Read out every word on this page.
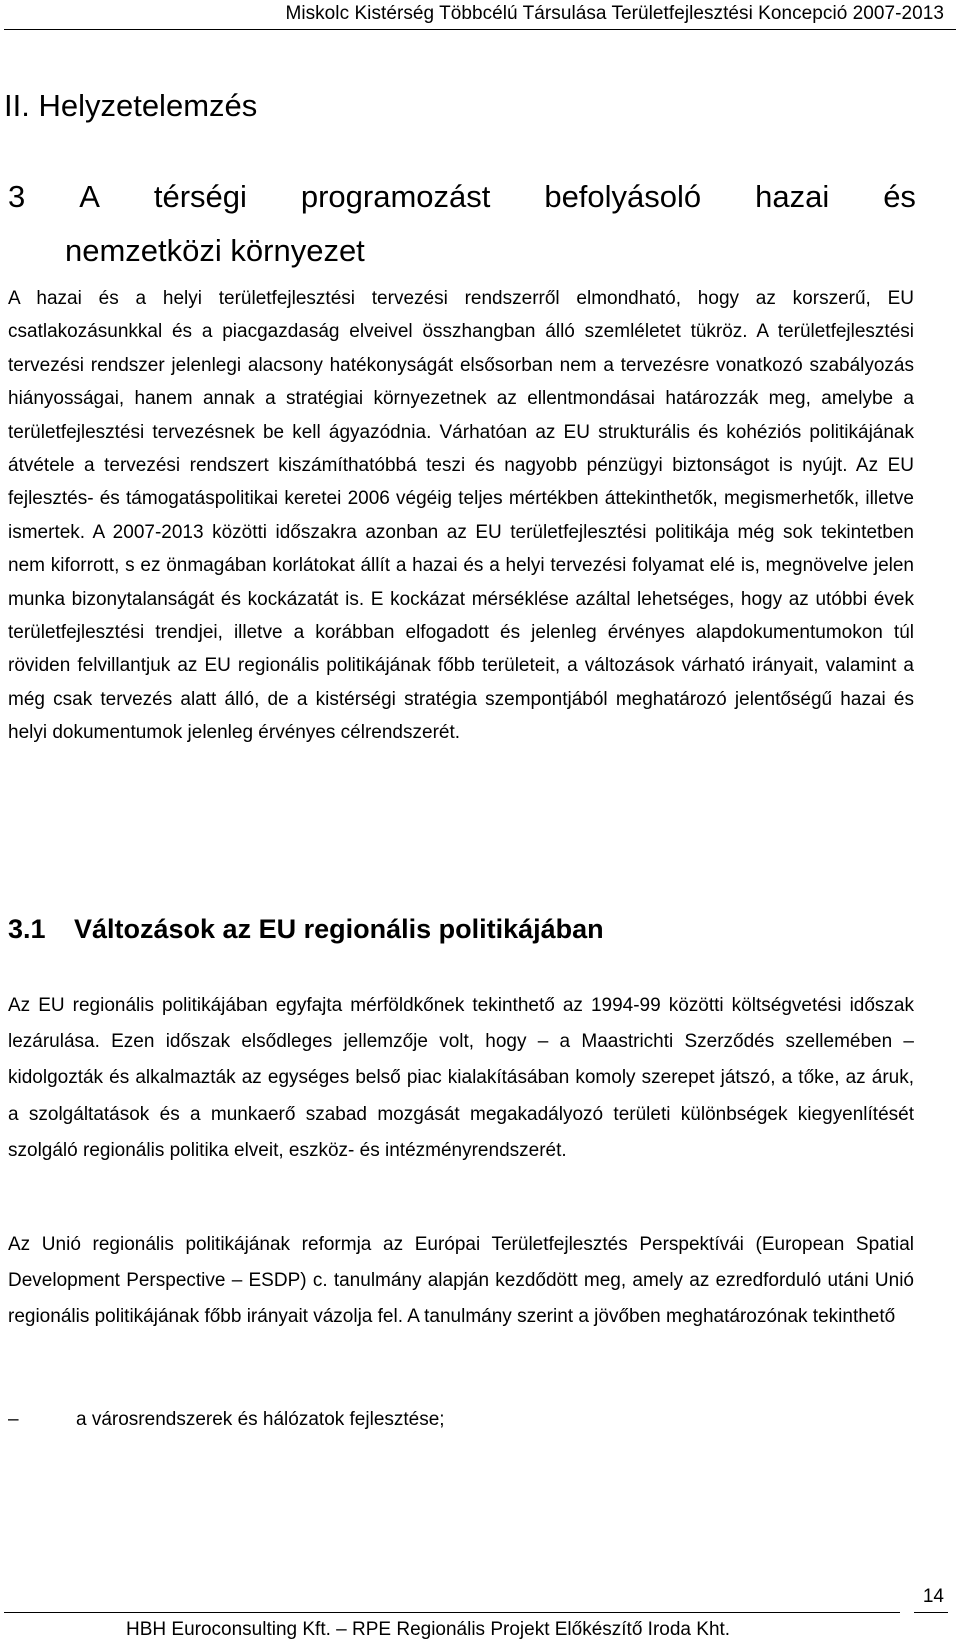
Miskolc Kistérség Többcélú Társulása Területfejlesztési Koncepció 2007-2013
II. Helyzetelemzés
3 A térségi programozást befolyásoló hazai és
nemzetközi környezet

A hazai és a helyi területfejlesztési tervezési rendszerről elmondható, hogy az korszerű, EU csatlakozásunkkal és a piacgazdaság elveivel összhangban álló szemléletet tükröz. A területfejlesztési tervezési rendszer jelenlegi alacsony hatékonyságát elsősorban nem a tervezésre vonatkozó szabályozás hiányosságai, hanem annak a stratégiai környezetnek az ellentmondásai határozzák meg, amelybe a területfejlesztési tervezésnek be kell ágyazódnia. Várhatóan az EU strukturális és kohéziós politikájának átvétele a tervezési rendszert kiszámíthatóbbá teszi és nagyobb pénzügyi biztonságot is nyújt. Az EU fejlesztés- és támogatáspolitikai keretei 2006 végéig teljes mértékben áttekinthetők, megismerhetők, illetve ismertek. A 2007-2013 közötti időszakra azonban az EU területfejlesztési politikája még sok tekintetben nem kiforrott, s ez önmagában korlátokat állít a hazai és a helyi tervezési folyamat elé is, megnövelve jelen munka bizonytalanságát és kockázatát is. E kockázat mérséklése azáltal lehetséges, hogy az utóbbi évek területfejlesztési trendjei, illetve a korábban elfogadott és jelenleg érvényes alapdokumentumokon túl röviden felvillantjuk az EU regionális politikájának főbb területeit, a változások várható irányait, valamint a még csak tervezés alatt álló, de a kistérségi stratégia szempontjából meghatározó jelentőségű hazai és helyi dokumentumok jelenleg érvényes célrendszerét.

3.1 Változások az EU regionális politikájában

Az EU regionális politikájában egyfajta mérföldkőnek tekinthető az 1994-99 közötti költségvetési időszak lezárulása. Ezen időszak elsődleges jellemzője volt, hogy – a Maastrichti Szerződés szellemében – kidolgozták és alkalmazták az egységes belső piac kialakításában komoly szerepet játszó, a tőke, az áruk, a szolgáltatások és a munkaerő szabad mozgását megakadályozó területi különbségek kiegyenlítését szolgáló regionális politika elveit, eszköz- és intézményrendszerét.

Az Unió regionális politikájának reformja az Európai Területfejlesztés Perspektívái (European Spatial Development Perspective – ESDP) c. tanulmány alapján kezdődött meg, amely az ezredforduló utáni Unió regionális politikájának főbb irányait vázolja fel. A tanulmány szerint a jövőben meghatározónak tekinthető

–	a városrendszerek és hálózatok fejlesztése;
HBH Euroconsulting Kft. – RPE Regionális Projekt Előkészítő Iroda Kht.
14
